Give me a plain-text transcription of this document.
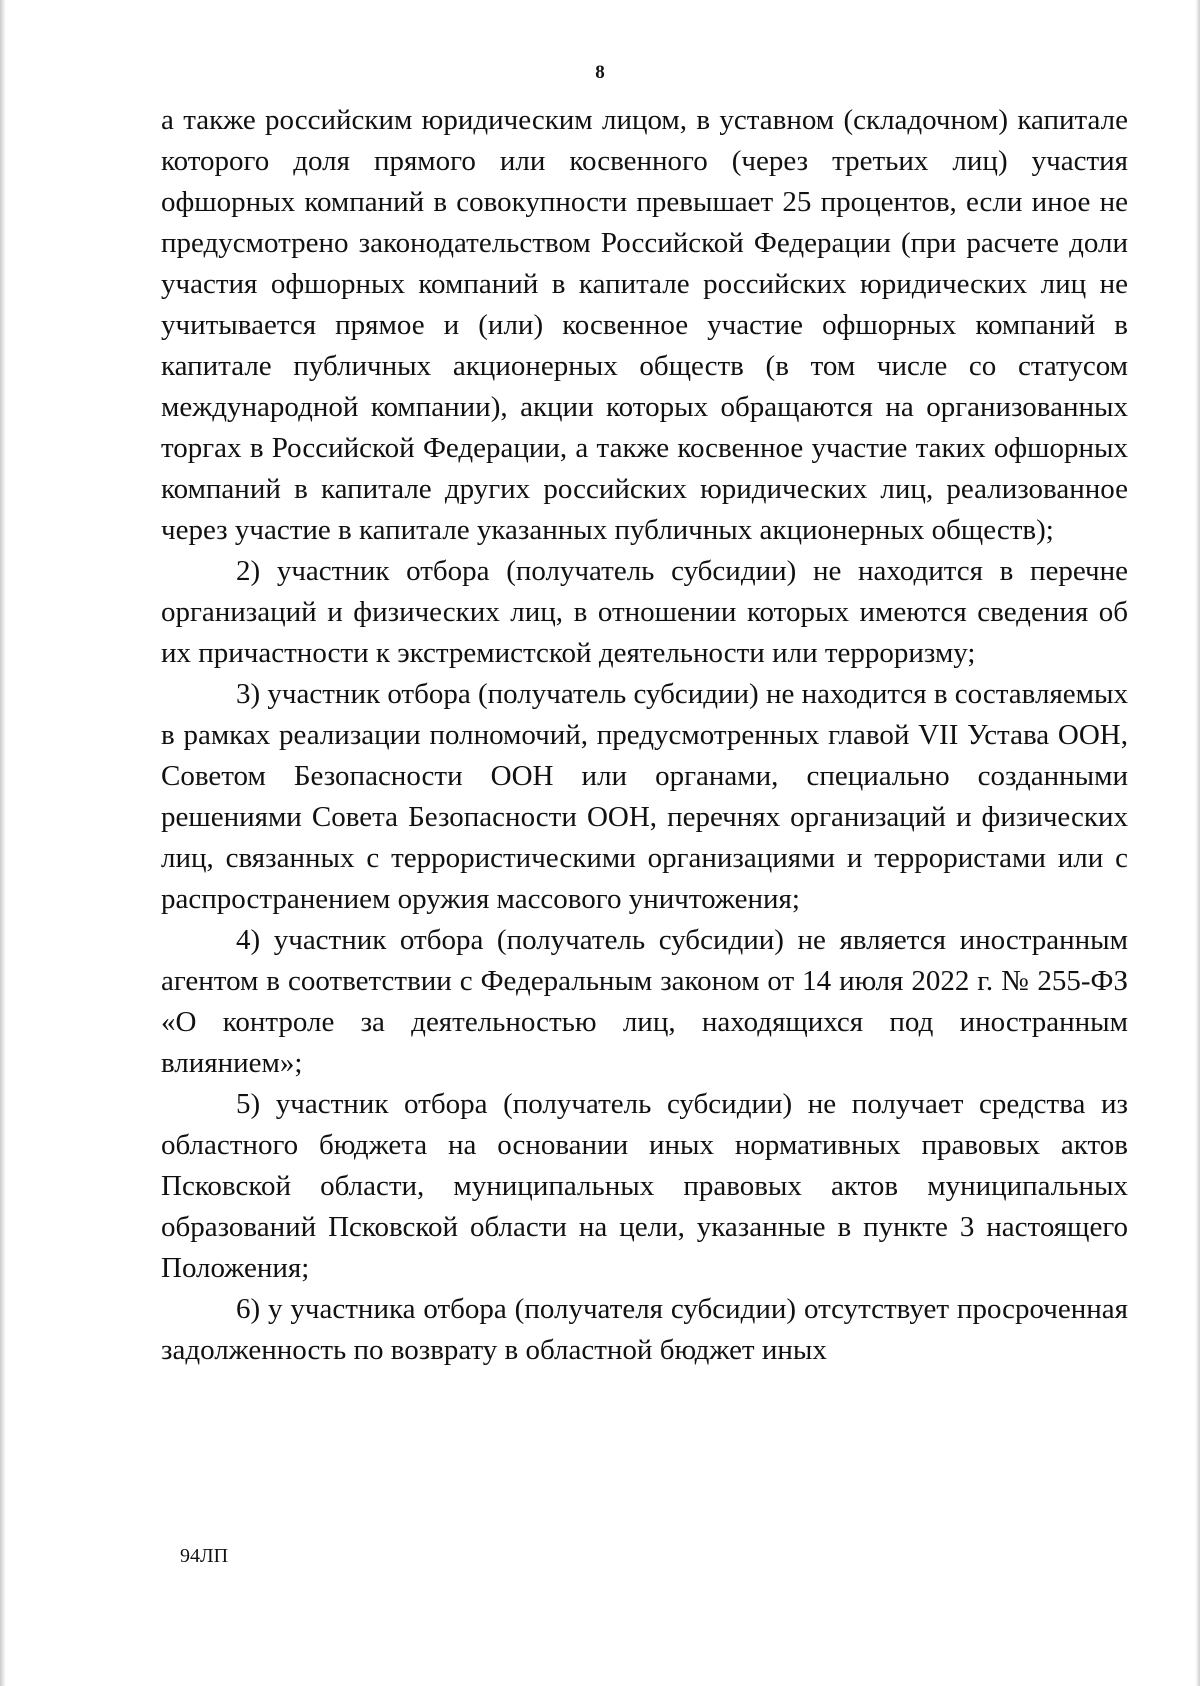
8

а также российским юридическим лицом, в уставном (складочном) капитале которого доля прямого или косвенного (через третьих лиц) участия офшорных компаний в совокупности превышает 25 процентов, если иное не предусмотрено законодательством Российской Федерации (при расчете доли участия офшорных компаний в капитале российских юридических лиц не учитывается прямое и (или) косвенное участие офшорных компаний в капитале публичных акционерных обществ (в том числе со статусом международной компании), акции которых обращаются на организованных торгах в Российской Федерации, а также косвенное участие таких офшорных компаний в капитале других российских юридических лиц, реализованное через участие в капитале указанных публичных акционерных обществ);

2) участник отбора (получатель субсидии) не находится в перечне организаций и физических лиц, в отношении которых имеются сведения об их причастности к экстремистской деятельности или терроризму;

3) участник отбора (получатель субсидии) не находится в составляемых в рамках реализации полномочий, предусмотренных главой VII Устава ООН, Советом Безопасности ООН или органами, специально созданными решениями Совета Безопасности ООН, перечнях организаций и физических лиц, связанных с террористическими организациями и террористами или с распространением оружия массового уничтожения;

4) участник отбора (получатель субсидии) не является иностранным агентом в соответствии с Федеральным законом от 14 июля 2022 г. № 255-ФЗ «О контроле за деятельностью лиц, находящихся под иностранным влиянием»;

5) участник отбора (получатель субсидии) не получает средства из областного бюджета на основании иных нормативных правовых актов Псковской области, муниципальных правовых актов муниципальных образований Псковской области на цели, указанные в пункте 3 настоящего Положения;

6) у участника отбора (получателя субсидии) отсутствует просроченная задолженность по возврату в областной бюджет иных

94ЛП
